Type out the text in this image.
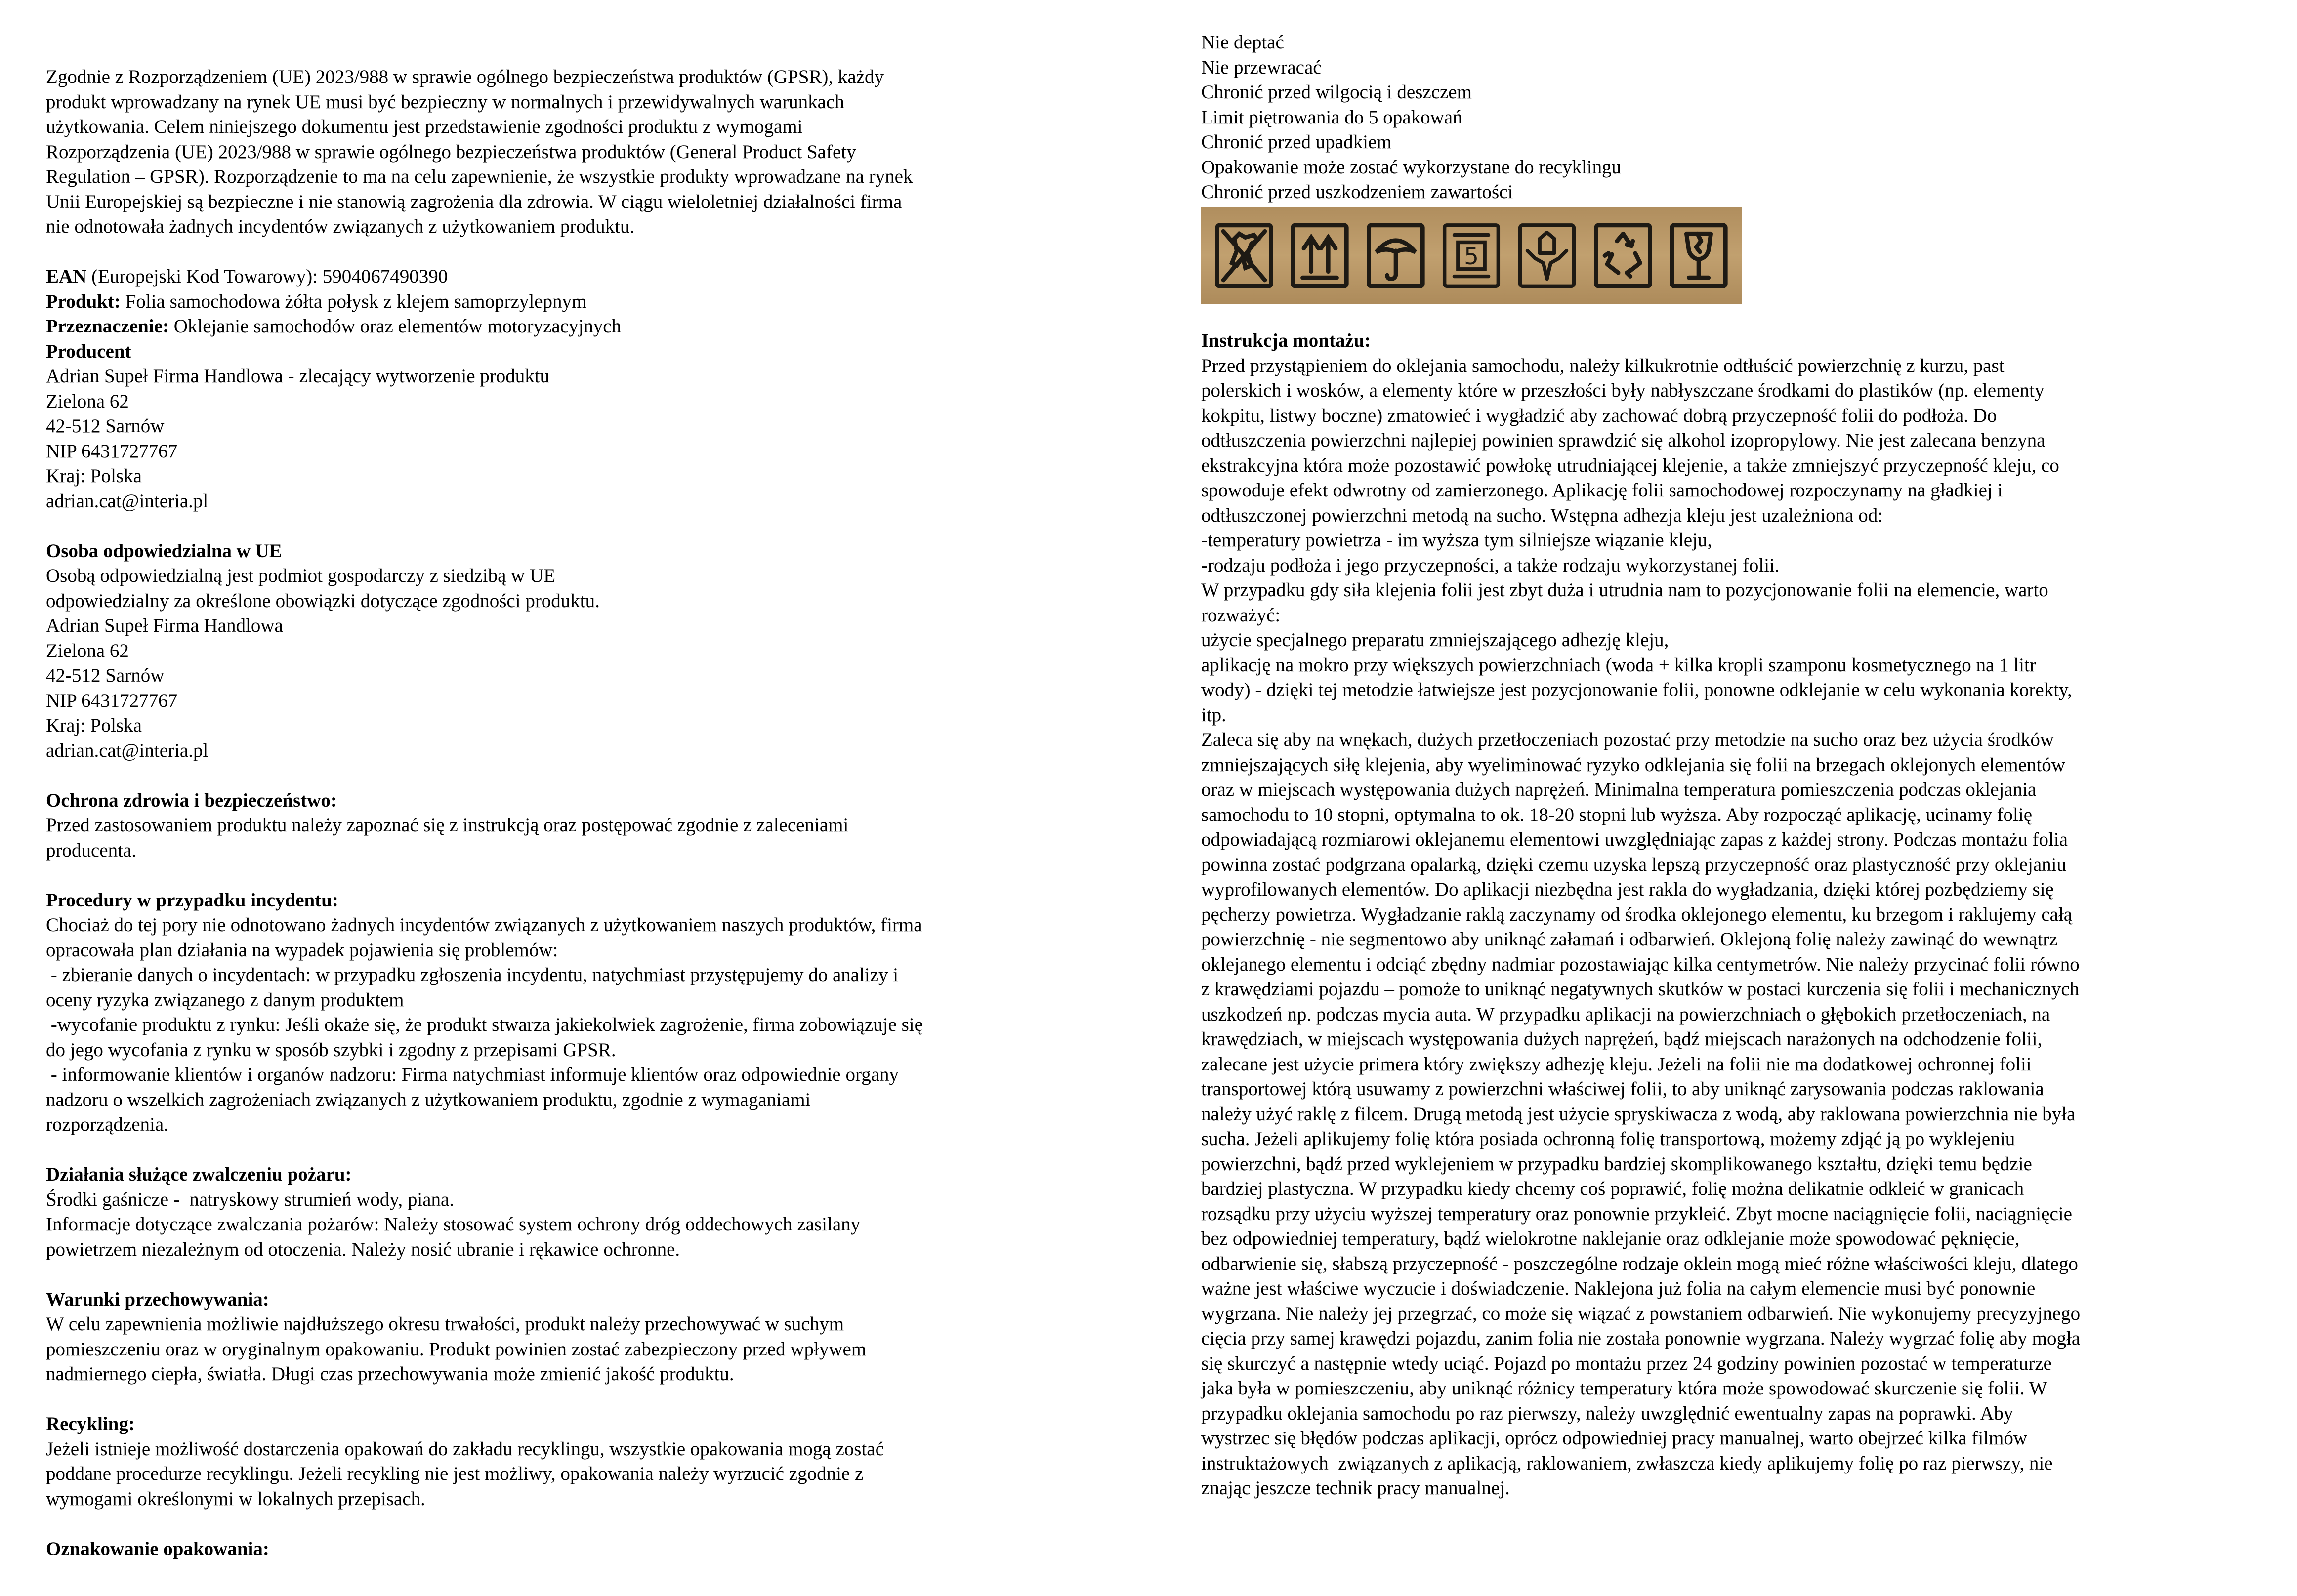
Zgodnie z Rozporządzeniem (UE) 2023/988 w sprawie ogólnego bezpieczeństwa produktów (GPSR), każdy
produkt wprowadzany na rynek UE musi być bezpieczny w normalnych i przewidywalnych warunkach
użytkowania. Celem niniejszego dokumentu jest przedstawienie zgodności produktu z wymogami
Rozporządzenia (UE) 2023/988 w sprawie ogólnego bezpieczeństwa produktów (General Product Safety
Regulation – GPSR). Rozporządzenie to ma na celu zapewnienie, że wszystkie produkty wprowadzane na rynek
Unii Europejskiej są bezpieczne i nie stanowią zagrożenia dla zdrowia. W ciągu wieloletniej działalności firma
nie odnotowała żadnych incydentów związanych z użytkowaniem produktu.

EAN (Europejski Kod Towarowy): 5904067490390

Produkt: Folia samochodowa żółta połysk z klejem samoprzylepnym

Przeznaczenie: Oklejanie samochodów oraz elementów motoryzacyjnych

Producent

Adrian Supeł Firma Handlowa - zlecający wytworzenie produktu
Zielona 62
42-512 Sarnów
NIP 6431727767
Kraj: Polska
adrian.cat@interia.pl

Osoba odpowiedzialna w UE

Osobą odpowiedzialną jest podmiot gospodarczy z siedzibą w UE
odpowiedzialny za określone obowiązki dotyczące zgodności produktu.
Adrian Supeł Firma Handlowa
Zielona 62
42-512 Sarnów
NIP 6431727767
Kraj: Polska
adrian.cat@interia.pl

Ochrona zdrowia i bezpieczeństwo:

Przed zastosowaniem produktu należy zapoznać się z instrukcją oraz postępować zgodnie z zaleceniami
producenta.

Procedury w przypadku incydentu:

Chociaż do tej pory nie odnotowano żadnych incydentów związanych z użytkowaniem naszych produktów, firma
opracowała plan działania na wypadek pojawienia się problemów:
- zbieranie danych o incydentach: w przypadku zgłoszenia incydentu, natychmiast przystępujemy do analizy i
oceny ryzyka związanego z danym produktem
-wycofanie produktu z rynku: Jeśli okaże się, że produkt stwarza jakiekolwiek zagrożenie, firma zobowiązuje się
do jego wycofania z rynku w sposób szybki i zgodny z przepisami GPSR.
- informowanie klientów i organów nadzoru: Firma natychmiast informuje klientów oraz odpowiednie organy
nadzoru o wszelkich zagrożeniach związanych z użytkowaniem produktu, zgodnie z wymaganiami
rozporządzenia.

Działania służące zwalczeniu pożaru:

Środki gaśnicze -  natryskowy strumień wody, piana.
Informacje dotyczące zwalczania pożarów: Należy stosować system ochrony dróg oddechowych zasilany
powietrzem niezależnym od otoczenia. Należy nosić ubranie i rękawice ochronne.

Warunki przechowywania:

W celu zapewnienia możliwie najdłuższego okresu trwałości, produkt należy przechowywać w suchym
pomieszczeniu oraz w oryginalnym opakowaniu. Produkt powinien zostać zabezpieczony przed wpływem
nadmiernego ciepła, światła. Długi czas przechowywania może zmienić jakość produktu.

Recykling:

Jeżeli istnieje możliwość dostarczenia opakowań do zakładu recyklingu, wszystkie opakowania mogą zostać
poddane procedurze recyklingu. Jeżeli recykling nie jest możliwy, opakowania należy wyrzucić zgodnie z
wymogami określonymi w lokalnych przepisach.

Oznakowanie opakowania:

Nie deptać
Nie przewracać
Chronić przed wilgocią i deszczem
Limit piętrowania do 5 opakowań
Chronić przed upadkiem
Opakowanie może zostać wykorzystane do recyklingu
Chronić przed uszkodzeniem zawartości

5

Instrukcja montażu:

Przed przystąpieniem do oklejania samochodu, należy kilkukrotnie odtłuścić powierzchnię z kurzu, past
polerskich i wosków, a elementy które w przeszłości były nabłyszczane środkami do plastików (np. elementy
kokpitu, listwy boczne) zmatowieć i wygładzić aby zachować dobrą przyczepność folii do podłoża. Do
odtłuszczenia powierzchni najlepiej powinien sprawdzić się alkohol izopropylowy. Nie jest zalecana benzyna
ekstrakcyjna która może pozostawić powłokę utrudniającej klejenie, a także zmniejszyć przyczepność kleju, co
spowoduje efekt odwrotny od zamierzonego. Aplikację folii samochodowej rozpoczynamy na gładkiej i
odtłuszczonej powierzchni metodą na sucho. Wstępna adhezja kleju jest uzależniona od:
-temperatury powietrza - im wyższa tym silniejsze wiązanie kleju,
-rodzaju podłoża i jego przyczepności, a także rodzaju wykorzystanej folii.
W przypadku gdy siła klejenia folii jest zbyt duża i utrudnia nam to pozycjonowanie folii na elemencie, warto
rozważyć:
użycie specjalnego preparatu zmniejszającego adhezję kleju,
aplikację na mokro przy większych powierzchniach (woda + kilka kropli szamponu kosmetycznego na 1 litr
wody) - dzięki tej metodzie łatwiejsze jest pozycjonowanie folii, ponowne odklejanie w celu wykonania korekty,
itp.
Zaleca się aby na wnękach, dużych przetłoczeniach pozostać przy metodzie na sucho oraz bez użycia środków
zmniejszających siłę klejenia, aby wyeliminować ryzyko odklejania się folii na brzegach oklejonych elementów
oraz w miejscach występowania dużych naprężeń. Minimalna temperatura pomieszczenia podczas oklejania
samochodu to 10 stopni, optymalna to ok. 18-20 stopni lub wyższa. Aby rozpocząć aplikację, ucinamy folię
odpowiadającą rozmiarowi oklejanemu elementowi uwzględniając zapas z każdej strony. Podczas montażu folia
powinna zostać podgrzana opalarką, dzięki czemu uzyska lepszą przyczepność oraz plastyczność przy oklejaniu
wyprofilowanych elementów. Do aplikacji niezbędna jest rakla do wygładzania, dzięki której pozbędziemy się
pęcherzy powietrza. Wygładzanie raklą zaczynamy od środka oklejonego elementu, ku brzegom i raklujemy całą
powierzchnię - nie segmentowo aby uniknąć załamań i odbarwień. Oklejoną folię należy zawinąć do wewnątrz
oklejanego elementu i odciąć zbędny nadmiar pozostawiając kilka centymetrów. Nie należy przycinać folii równo
z krawędziami pojazdu – pomoże to uniknąć negatywnych skutków w postaci kurczenia się folii i mechanicznych
uszkodzeń np. podczas mycia auta. W przypadku aplikacji na powierzchniach o głębokich przetłoczeniach, na
krawędziach, w miejscach występowania dużych naprężeń, bądź miejscach narażonych na odchodzenie folii,
zalecane jest użycie primera który zwiększy adhezję kleju. Jeżeli na folii nie ma dodatkowej ochronnej folii
transportowej którą usuwamy z powierzchni właściwej folii, to aby uniknąć zarysowania podczas raklowania
należy użyć raklę z filcem. Drugą metodą jest użycie spryskiwacza z wodą, aby raklowana powierzchnia nie była
sucha. Jeżeli aplikujemy folię która posiada ochronną folię transportową, możemy zdjąć ją po wyklejeniu
powierzchni, bądź przed wyklejeniem w przypadku bardziej skomplikowanego kształtu, dzięki temu będzie
bardziej plastyczna. W przypadku kiedy chcemy coś poprawić, folię można delikatnie odkleić w granicach
rozsądku przy użyciu wyższej temperatury oraz ponownie przykleić. Zbyt mocne naciągnięcie folii, naciągnięcie
bez odpowiedniej temperatury, bądź wielokrotne naklejanie oraz odklejanie może spowodować pęknięcie,
odbarwienie się, słabszą przyczepność - poszczególne rodzaje oklein mogą mieć różne właściwości kleju, dlatego
ważne jest właściwe wyczucie i doświadczenie. Naklejona już folia na całym elemencie musi być ponownie
wygrzana. Nie należy jej przegrzać, co może się wiązać z powstaniem odbarwień. Nie wykonujemy precyzyjnego
cięcia przy samej krawędzi pojazdu, zanim folia nie została ponownie wygrzana. Należy wygrzać folię aby mogła
się skurczyć a następnie wtedy uciąć. Pojazd po montażu przez 24 godziny powinien pozostać w temperaturze
jaka była w pomieszczeniu, aby uniknąć różnicy temperatury która może spowodować skurczenie się folii. W
przypadku oklejania samochodu po raz pierwszy, należy uwzględnić ewentualny zapas na poprawki. Aby
wystrzec się błędów podczas aplikacji, oprócz odpowiedniej pracy manualnej, warto obejrzeć kilka filmów
instruktażowych  związanych z aplikacją, raklowaniem, zwłaszcza kiedy aplikujemy folię po raz pierwszy, nie
znając jeszcze technik pracy manualnej.
